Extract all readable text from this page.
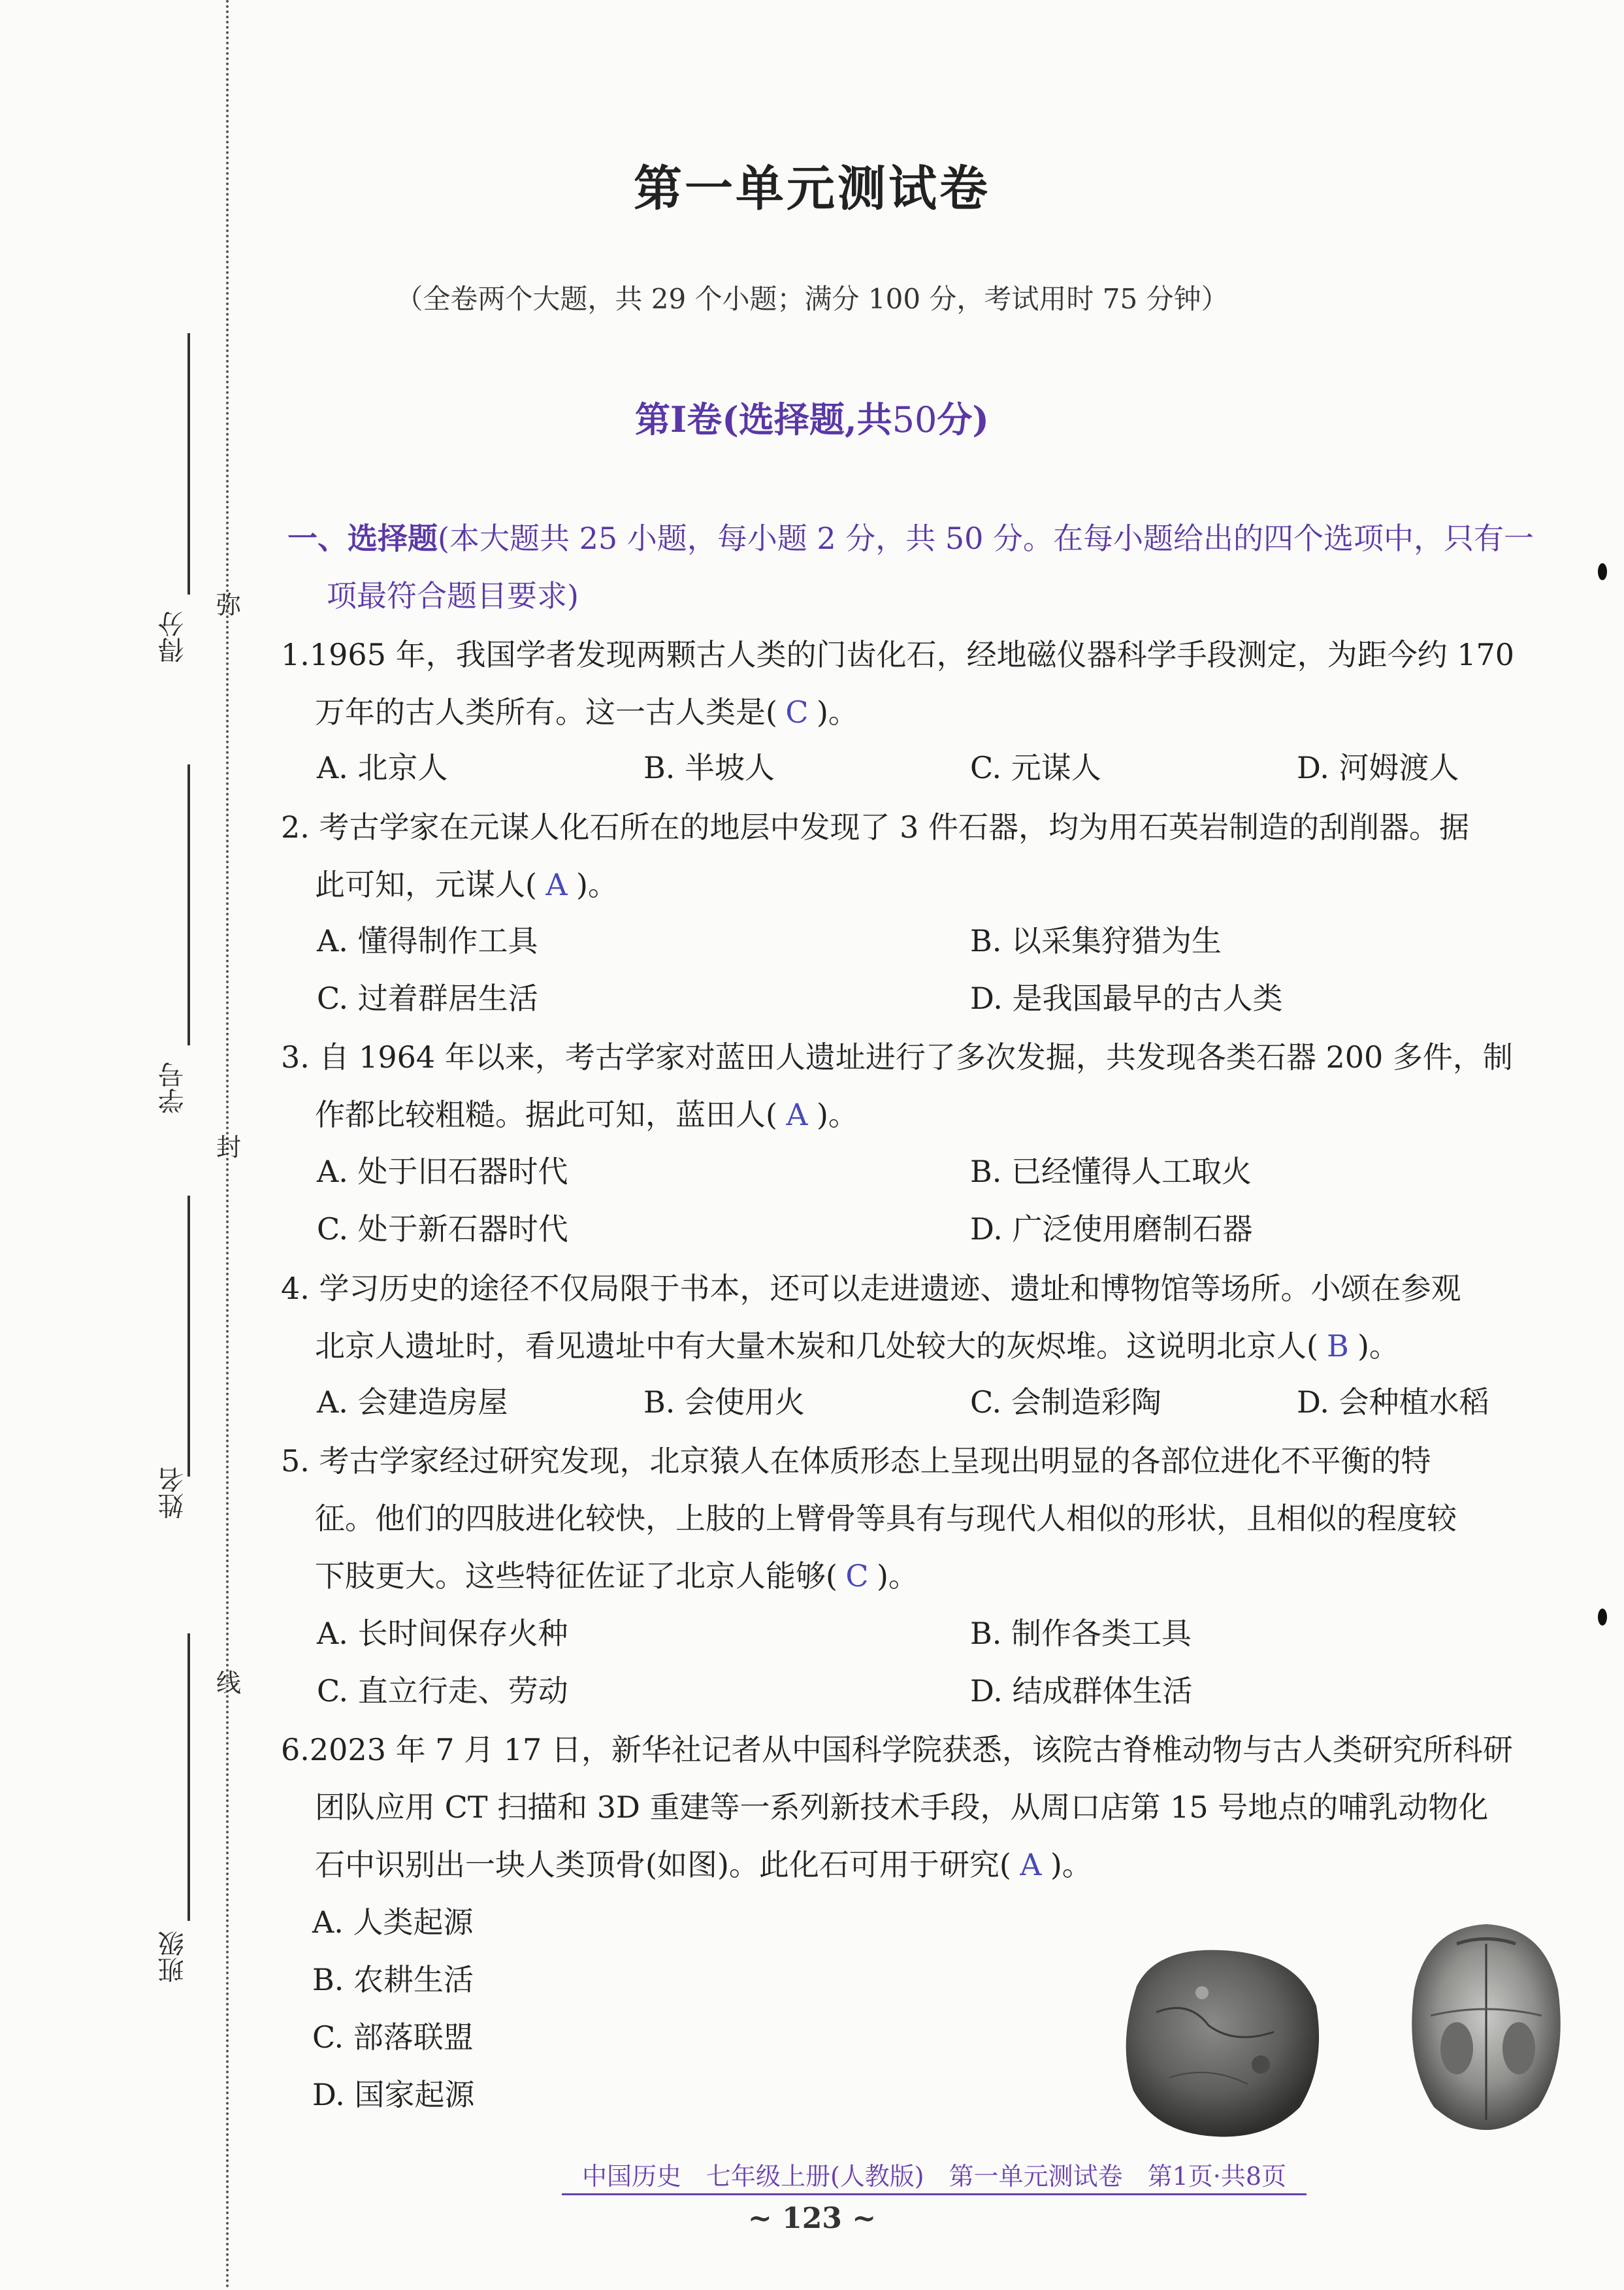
得分
学号
姓名
班级
弥
封
线
第一单元测试卷
（全卷两个大题，共 29 个小题；满分 100 分，考试用时 75 分钟）
第Ⅰ卷(选择题,共50分)
一、选择题(本大题共 25 小题，每小题 2 分，共 50 分。在每小题给出的四个选项中，只有一
项最符合题目要求)
1.1965 年，我国学者发现两颗古人类的门齿化石，经地磁仪器科学手段测定，为距今约 170
万年的古人类所有。这一古人类是( C )。
A. 北京人	B. 半坡人	C. 元谋人	D. 河姆渡人
2. 考古学家在元谋人化石所在的地层中发现了 3 件石器，均为用石英岩制造的刮削器。据
此可知，元谋人( A )。
A. 懂得制作工具	B. 以采集狩猎为生
C. 过着群居生活	D. 是我国最早的古人类
3. 自 1964 年以来，考古学家对蓝田人遗址进行了多次发掘，共发现各类石器 200 多件，制
作都比较粗糙。据此可知，蓝田人( A )。
A. 处于旧石器时代	B. 已经懂得人工取火
C. 处于新石器时代	D. 广泛使用磨制石器
4. 学习历史的途径不仅局限于书本，还可以走进遗迹、遗址和博物馆等场所。小颂在参观
北京人遗址时，看见遗址中有大量木炭和几处较大的灰烬堆。这说明北京人( B )。
A. 会建造房屋	B. 会使用火	C. 会制造彩陶	D. 会种植水稻
5. 考古学家经过研究发现，北京猿人在体质形态上呈现出明显的各部位进化不平衡的特
征。他们的四肢进化较快，上肢的上臂骨等具有与现代人相似的形状，且相似的程度较
下肢更大。这些特征佐证了北京人能够( C )。
A. 长时间保存火种	B. 制作各类工具
C. 直立行走、劳动	D. 结成群体生活
6.2023 年 7 月 17 日，新华社记者从中国科学院获悉，该院古脊椎动物与古人类研究所科研
团队应用 CT 扫描和 3D 重建等一系列新技术手段，从周口店第 15 号地点的哺乳动物化
石中识别出一块人类顶骨(如图)。此化石可用于研究( A )。
A. 人类起源
B. 农耕生活
C. 部落联盟
D. 国家起源
中国历史　七年级上册(人教版)　第一单元测试卷　第1页·共8页
~ 123 ~
